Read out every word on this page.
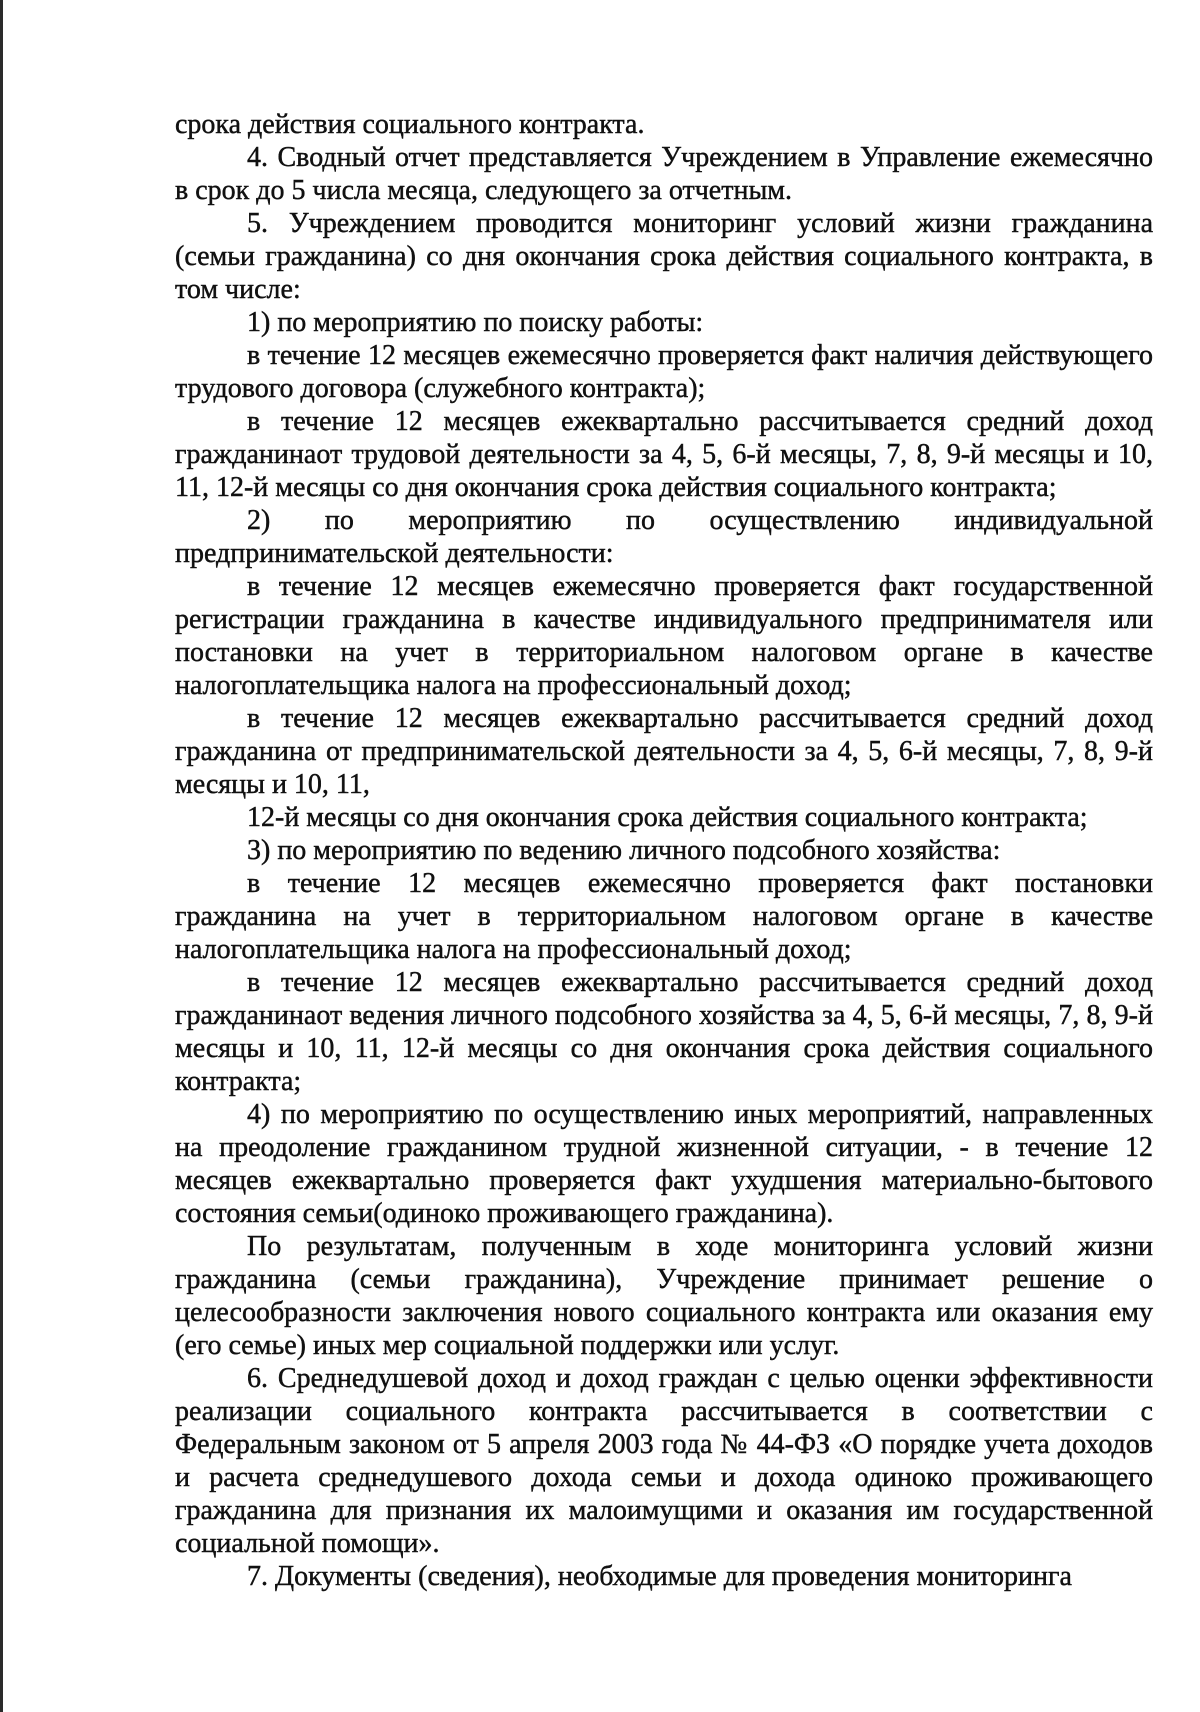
срока действия социального контракта.

4. Сводный отчет представляется Учреждением в Управление ежемесячно в срок до 5 числа месяца, следующего за отчетным.

5. Учреждением проводится мониторинг условий жизни гражданина (семьи гражданина) со дня окончания срока действия социального контракта, в том числе:

1) по мероприятию по поиску работы:

в течение 12 месяцев ежемесячно проверяется факт наличия действующего трудового договора (служебного контракта);

в течение 12 месяцев ежеквартально рассчитывается средний доход гражданинаот трудовой деятельности за 4, 5, 6-й месяцы, 7, 8, 9-й месяцы и 10, 11, 12-й месяцы со дня окончания срока действия социального контракта;

2) по мероприятию по осуществлению индивидуальной предпринимательской деятельности:

в течение 12 месяцев ежемесячно проверяется факт государственной регистрации гражданина в качестве индивидуального предпринимателя или постановки на учет в территориальном налоговом органе в качестве налогоплательщика налога на профессиональный доход;

в течение 12 месяцев ежеквартально рассчитывается средний доход гражданина от предпринимательской деятельности за 4, 5, 6-й месяцы, 7, 8, 9-й месяцы и 10, 11,

12-й месяцы со дня окончания срока действия социального контракта;

3) по мероприятию по ведению личного подсобного хозяйства:

в течение 12 месяцев ежемесячно проверяется факт постановки гражданина на учет в территориальном налоговом органе в качестве налогоплательщика налога на профессиональный доход;

в течение 12 месяцев ежеквартально рассчитывается средний доход гражданинаот ведения личного подсобного хозяйства за 4, 5, 6-й месяцы, 7, 8, 9-й месяцы и 10, 11, 12-й месяцы со дня окончания срока действия социального контракта;

4) по мероприятию по осуществлению иных мероприятий, направленных на преодоление гражданином трудной жизненной ситуации, - в течение 12 месяцев ежеквартально проверяется факт ухудшения материально-бытового состояния семьи(одиноко проживающего гражданина).

По результатам, полученным в ходе мониторинга условий жизни гражданина (семьи гражданина), Учреждение принимает решение о целесообразности заключения нового социального контракта или оказания ему (его семье) иных мер социальной поддержки или услуг.

6. Среднедушевой доход и доход граждан с целью оценки эффективности реализации социального контракта рассчитывается в соответствии с Федеральным законом от 5 апреля 2003 года № 44-ФЗ «О порядке учета доходов и расчета среднедушевого дохода семьи и дохода одиноко проживающего гражданина для признания их малоимущими и оказания им государственной социальной помощи».

7. Документы (сведения), необходимые для проведения мониторинга
